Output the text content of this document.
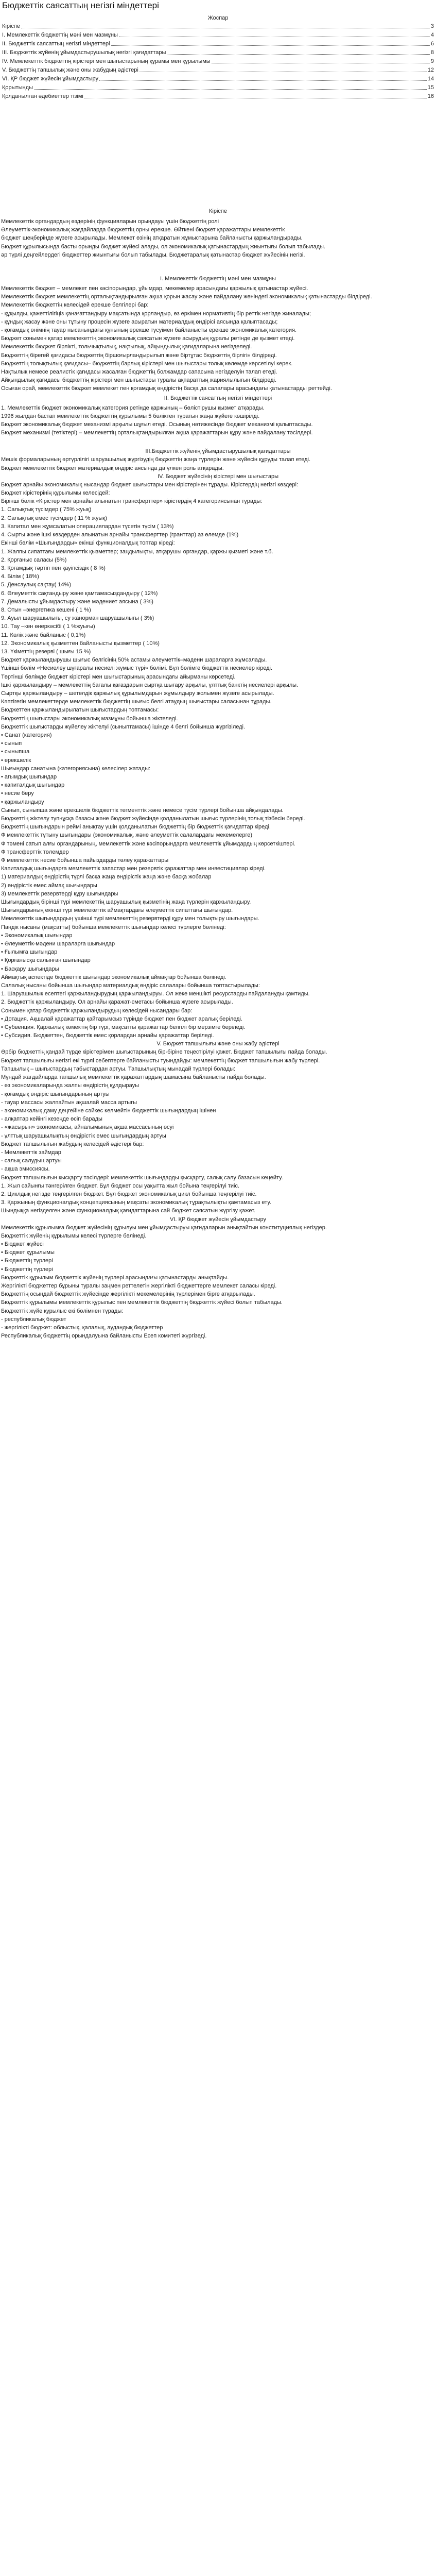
Бюджеттік саясаттың негізгі міндеттері
Жоспар
Кіріспе	3
I. Мемлекеттік бюджеттің мәні мен мазмұны	4
II. Бюджеттік саясаттың негізгі міндеттері	6
III. Бюджеттік жүйенің ұйымдастырушылық негізгі қағидаттары	8
IV. Мемлекеттік бюджеттің кірістері мен шығыстарының құрамы мен құрылымы	9
V. Бюджеттің тапшылық және оны жабудың әдістері	12
VI. ҚР бюджет жүйесін ұйымдастыру	14
Қорытынды	15
Қолданылған әдебиеттер тізімі	16
Кіріспе
Мемлекеттік органдардың өздерінің функцияларын орындауы үшін бюджеттің ролі
Әлеуметтік-экономикалық жағдайларда бюджеттің орны ерекше. Өйткені бюджет қаражаттары мемлекеттік
бюджет шеңберінде жүзеге асырылады. Мемлекет өзінің атқаратын жұмыстарына байланысты қаржыландырады.
Бюджет құрылысында басты орынды бюджет жүйесі алады, ол экономикалық қатынастардың жиынтығы болып табылады.
әр түрлі деңгейлердегі бюджеттер жиынтығы болып табылады. Бюджетаралық қатынастар бюджет жүйесінің негізі.
I. Мемлекеттік бюджеттің мәні мен мазмұны
Мемлекеттік бюджет – мемлекет пен кәсіпорындар, ұйымдар, мекемелер арасындағы қаржылық қатынастар жүйесі.
Мемлекеттік бюджет мемлекеттің орталықтандырылған ақша қорын жасау және пайдалану жөніндегі экономикалық қатынастарды білдіреді.
Мемлекеттік бюджеттің келесідей ерекше белгілері бар:
- құқылды, қажеттілігіңіз қанағаттандыру мақсатында қорландыр, өз еркімен нормативтің бір реттік негізде жиналады;
- құндық жасау және оны тұтыну процесін жүзеге асыратын материалдық өндірісі аясында қалыптасады;
- қоғамдық өнімнің тауар нысанындағы құнының ерекше түсуімен байланысты ерекше экономикалық категория.
Бюджет сонымен қатар мемлекеттің экономикалық саясатын жүзеге асырудың құралы ретінде де қызмет етеді.
Мемлекеттік бюджет бірлікті, тольчықтылық, нақтылық, айқындылық қағидаларына негізделеді.
Бюджеттің бірегей қағидасы бюджеттің біршоғырландырылып және біртұтас бюджеттің бірлігін білдіреді.
Бюджеттің толықтылық қағидасы– бюджеттің барлық кірістері мен шығыстары толық көлемде көрсетілуі керек.
Нақтылық немесе реалистік қағидасы жасалған бюджеттің болжамдар сапасына негізделуін талап етеді.
Айқындылық қағидасы бюджеттің кірістері мен шығыстары туралы ақпараттың жариялылығын білдіреді.
Осыған орай, мемлекеттік бюджет мемлекет пен қоғамдық өндірістің басқа да салалары арасындағы қатынастарды реттейді.
II. Бюджеттік саясаттың негізгі міндеттері
1. Мемлекеттік бюджет экономикалық категория ретінде қаржының – бөлістірушы қызмет атқарады.
1996 жылдан бастап мемлекеттік бюджеттің құрылымы 5 бөліктен тұратын жаңа жүйеге көшірілді.
Бюджет экономикалық бюджет механизмі арқылы шұғыл етеді. Осының нәтижесінде бюджет механизмі қалыптасады.
Бюджет механизмі (тетіктері) – мемлекеттің орталықтандырылған ақша қаражаттарын құру және пайдалану тәсілдері.
III.Бюджеттік жүйенің ұйымдастырушылық қағидаттары
Мешік формаларының әртүрлілігі шаруашылық жүргізудің бюджеттің жаңа түрлерін және жүйесін құруды талап етеді.
Бюджет мемлекеттік бюджет материалдық өндіріс аясында да үлкен роль атқарады.
IV. Бюджет жүйесінің кірістері мен шығыстары
Бюджет арнайы экономикалық нысандар бюджет шығыстары мен кірістерінен тұрады. Кірістердің негізгі көздері:
Бюджет кірістерінің құрылымы келесідей:
Бірінші бөлік «Кірістер мен арнайы алынатын трансферттер» кірістердің 4 категориясынан тұрады:
1. Салықтық түсімдер ( 75% жуық)
2. Салықтық емес түсімдер ( 11 % жуық)
3. Капитал мен жұмсалатын операциялардан түсетін түсім ( 13%)
4. Сырты және ішкі көздерден алынатын арнайы трансферттер (гранттар) аз өлемде (1%)
Екінші бөлім «Шығындарды» екінші функционалдық топтар кіреді:
1. Жалпы сипаттағы мемлекеттік қызметтер; заңдылықты, атқарушы органдар, қаржы қызметі және т.б.
2. Қорғаныс саласы (5%)
3. Қоғамдық тәртіп пен қауіпсіздік ( 8 %)
4. Білім ( 18%)
5. Денсаулық сақтау( 14%)
6. Әлеуметтік сақтандыру және қамтамасыздандыру ( 12%)
7. Демалысты ұйымдастыру және мәдениет аясына ( 3%)
8. Отын –энергетика кешені ( 1 %)
9. Ауыл шаруашылығы, су жанорман шаруашылығы ( 3%)
10. Тау –кен өнеркәсібі ( 1 %жуығы)
11. Көлік және байланыс ( 0,1%)
12. Экономикалық қызметтен байланысты қызметтер ( 10%)
13. Үкіметтің резерві ( шығы 15 %)
Бюджет қаржыландырушы шығыс белгісінің 50% астамы әлеуметтік–мәдени шараларға жұмсалады.
Ұшінші бөлім «Несиелеу шұғаралы несиелі жұмыс түрі» бөлімі. Бұл бөлімге бюджеттік несиелер кіреді.
Төртінші бөлімде бюджет кірістері мен шығыстарының арасындағы айырманы көрсетеді.
Ішкі қаржыландыру – мемлекеттің бағалы қағаздарын сыртқа шығару арқылы, ұлттық банктің несиелері арқылы.
Сыртқы қаржыландыру – шетелдік қаржылық құрылымдарын жұмылдыру жолымен жүзеге асырылады.
Кәптігегін мемлекеттерде мемлекеттік бюджеттің шығыс белгі атаудың шығыстары саласынан тұрады.
Бюджеттен қаржыландырылатын шығыстардың топтамасы:
Бюджеттің шығыстары экономикалық мазмұны бойынша жіктеледі.
Бюджеттік шығыстарды жүйелеу жіктелуі (сыныптамасы) ішінде 4 белгі бойынша жүргізіледі.
• Санат (категория)
• сынып
• сыныпша
• ерекшелік
Шығындар санатына (категориясына) келесілер жатады:
• ағымдық шығындар
• капиталдық шығындар
• несие беру
• қаржыландыру
Сынып, сыныпша және ерекшелік бюджеттік тегменттік және немесе түсім түрлері бойынша айқындалады.
Бюджеттің жіктелу түпнұсқа базасы және бюджет жүйесінде қолданылатын шығыс түрлерінің толық тізбесін береді.
Бюджеттің шығындарын реймі анықтау үшін қолданылатын бюджеттің бір бюджеттік қағидаттар кіреді.
Ф мемлекеттік тұтыну шығындары (экономикалық, және әлеуметтік салалардағы мекемелерге)
Ф тәмені сатып алғы органдарының, мемлекеттік және кәсіпорындарға мемлекеттік ұйымдардың көрсеткіштері.
Ф трансферттік төлемдер
Ф мемлекеттік несие бойынша пайыздарды төлеу қаражаттары
Капиталдық шығындарға мемлекеттік запастар мен резервтік қаражаттар мен инвестициялар кіреді.
1) материалдық өндірістің түрлі басқа жаңа өндірістік жаңа және басқа жобалар
2) өндірістік емес аймақ шығындары
3) мемлекеттік резервтерді құру шығындары
Шығындардың бірінші түрі мемлекеттің шаруашылық қызметінің жаңа түрлерін қаржыландыру.
Шығындарының екінші түрі мемлекеттік аймақтардағы әлеуметтік сипаттағы шығындар.
Мемлекеттік шығындардың үшінші түрі мемлекеттің резервтерді құру мен толықтыру шығындары.
Пандік нысаны (мақсатты) бойынша мемлекеттік шығындар келесі түрлерге бөлінеді:
• Экономикалық шығындар
• Әлеуметтік-мәдени шараларға шығындар
• Ғылымға шығындар
• Қорғанысқа салынған шығындар
• Басқару шығындары
Аймақтық аспектіде бюджеттік шығындар экономикалық аймақтар бойынша бөлінеді.
Салалық нысаны бойынша шығындар материалдық өндіріс салалары бойынша топтастырылады:
1. Шаруашылық есептегі қаржыландырудың қаржыландыруы. Ол жеке меншікті ресурстарды пайдалануды қамтиды.
2. Бюджеттік қаржыландыру. Ол арнайы қаражат-сметасы бойынша жүзеге асырылады.
Сонымен қатар бюджеттік қаржыландырудың келесідей нысандары бар:
• Дотация. Ақшалай қаражаттар қайтарымсыз түрінде бюджет пен бюджет аралық беріледі.
• Субвенция. Қаржылық көмектің бір түрі, мақсатты қаражаттар белгілі бір мерзімге беріледі.
• Субсидия. Бюджеттен, бюджеттік емес қорлардан арнайы қаражаттар беріледі.
V. Бюджет тапшылығы және оны жабу әдістері
Әрбір бюджеттің қандай түрде кірістерімен шығыстарының бір-біріне теңестірілуі қажет. Бюджет тапшылығы пайда болады.
Бюджет тапшылығы негізгі екі түрлі себептерге байланысты туындайды: мемлекеттің бюджет тапшылығын жабу түрлері.
Тапшылық – шығыстардың табыстардан артуы. Тапшылықтың мынадай түрлері болады:
Мұндай жағдайларда тапшылық мемлекеттік қаражаттардың шамасына байланысты пайда болады.
- өз экономикаларында жалпы өндірістің құлдырауы
- қоғамдық өндіріс шығындарының артуы
- тауар массасы жалпайтын ақшалай масса артығы
- экономикалық даму деңгейіне сәйкес келмейтін бюджеттік шығындардың ішінен
- алқаптар кейінгі кезеңде өсіп барады
- «жасырын» экономикасы, айналымының ақша массасының өсуі
- ұлттық шаруашылықтың өндірістік емес шығындардың артуы
Бюджет тапшылығын жабудың келесідей әдістері бар:
- Мемлекеттік займдар
- салық салудың артуы
- ақша эмиссиясы.
Бюджет тапшылығын қысқарту тәсілдері: мемлекеттік шығындарды қысқарту, салық салу базасын кеңейту.
1. Жыл сайынғы тәнгерілген бюджет. Бұл бюджет осы уақытта жыл бойына теңгерілуі тиіс.
2. Циклдық негізде теңгерілген бюджет. Бұл бюджет экономикалық цикл бойынша теңгерілуі тиіс.
3. Қаржының функционалдық концепциясының мақсаты экономикалық тұрақтылықты қамтамасыз ету.
Шындыққа негізделген және функционалдық қағидаттарына сай бюджет саясатын жүргізу қажет.
VI. ҚР бюджет жүйесін ұйымдастыру
Мемлекеттік құрылымға бюджет жүйесінің құрылуы мен ұйымдастыруы қағидаларын анықтайтын конституциялық негіздер.
Бюджеттік жүйенің құрылымы келесі түрлерге бөлінеді.
• Бюджет жүйесі
• Бюджет құрылымы
• Бюджеттің түрлері
• Бюджеттің түрлері
Бюджеттік құрылым бюджеттік жүйенің түрлері арасындағы қатынастарды анықтайды.
Жергілікті бюджеттер бұрыны туралы заңмен реттелетін жергілікті бюджеттерге мемлекет саласы кіреді.
Бюджеттің осындай бюджеттік жүйесінде жергілікті мекемелерінің түрлерімен бірге атқарылады.
Бюджеттік құрылымы мемлекеттік құрылыс пен мемлекеттік бюджеттің бюджеттік жүйесі болып табылады.
Бюджеттік жүйе құрылыс екі бөлімнен тұрады:
- республикалық бюджет
- жергілікті бюджет: облыстық, қалалық, аудандық бюджеттер
Республикалық бюджеттің орындалуына байланысты Есеп комитеті жүргізеді.
